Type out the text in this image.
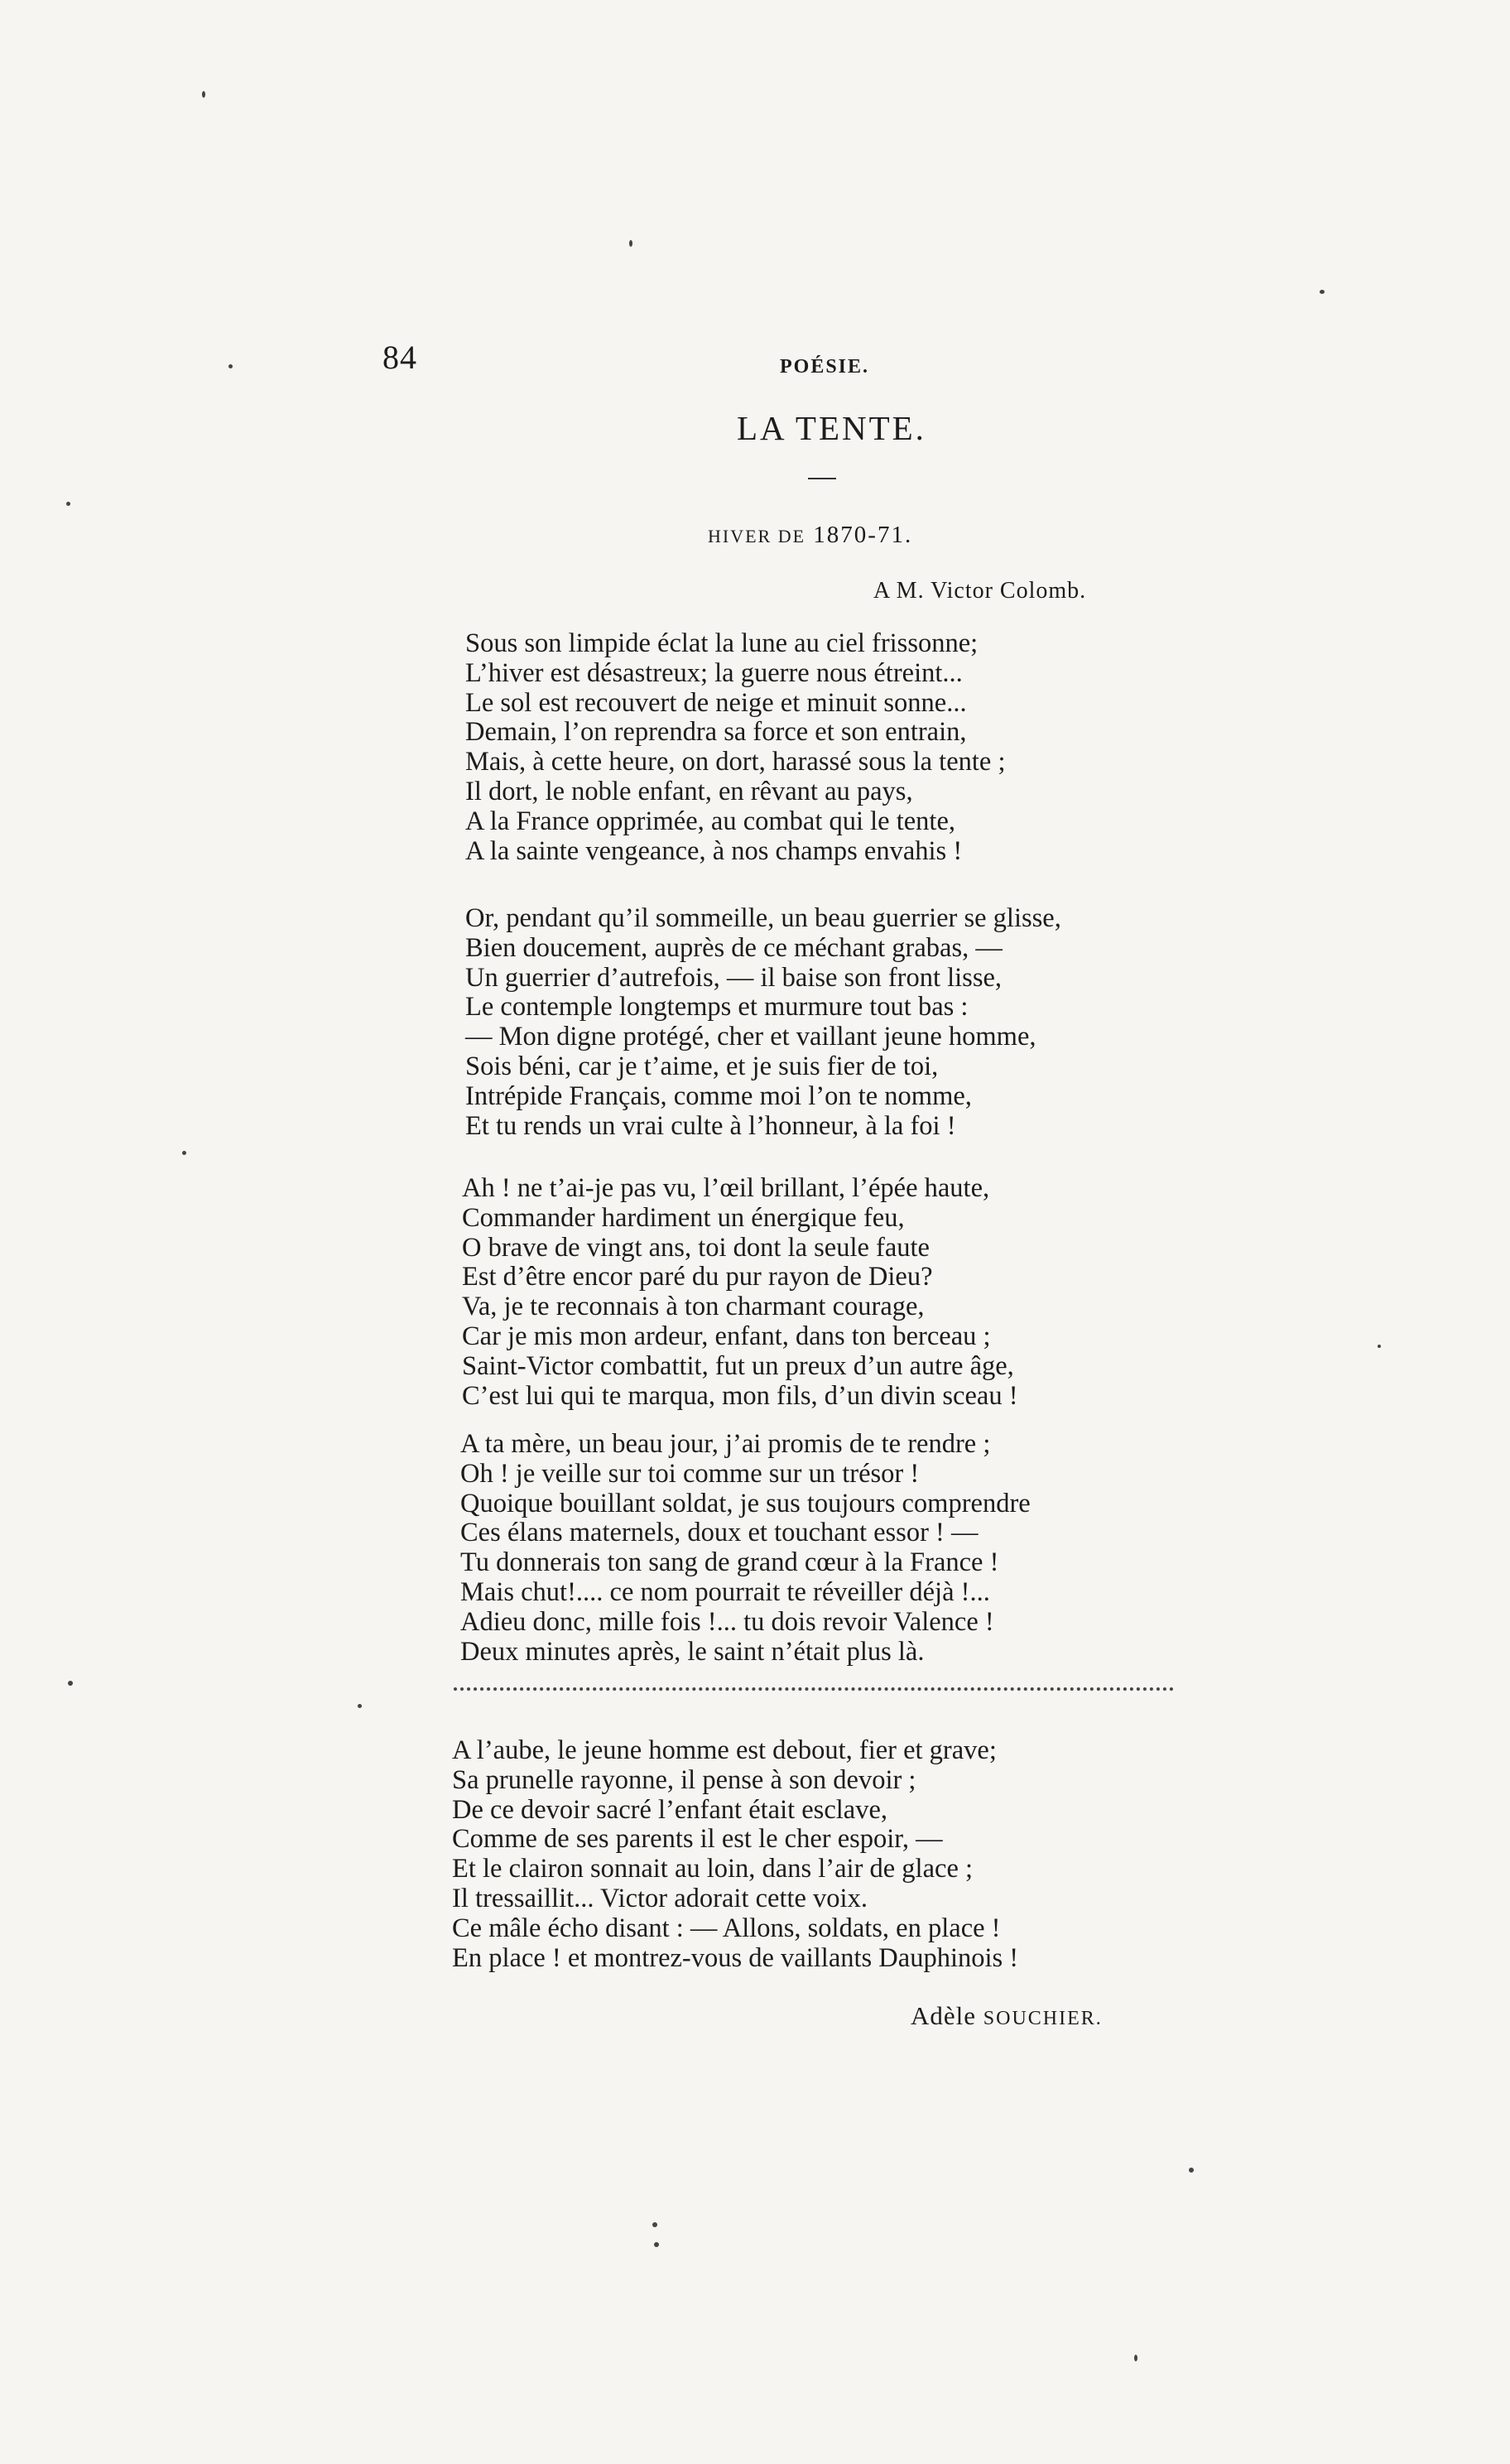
84	POÉSIE.
LA TENTE.
HIVER DE 1870-71.
A M. Victor Colomb.
Sous son limpide éclat la lune au ciel frissonne;
L’hiver est désastreux; la guerre nous étreint...
Le sol est recouvert de neige et minuit sonne...
Demain, l’on reprendra sa force et son entrain,
Mais, à cette heure, on dort, harassé sous la tente ;
Il dort, le noble enfant, en rêvant au pays,
A la France opprimée, au combat qui le tente,
A la sainte vengeance, à nos champs envahis !
Or, pendant qu’il sommeille, un beau guerrier se glisse,
Bien doucement, auprès de ce méchant grabas, —
Un guerrier d’autrefois, — il baise son front lisse,
Le contemple longtemps et murmure tout bas :
— Mon digne protégé, cher et vaillant jeune homme,
Sois béni, car je t’aime, et je suis fier de toi,
Intrépide Français, comme moi l’on te nomme,
Et tu rends un vrai culte à l’honneur, à la foi !
Ah ! ne t’ai-je pas vu, l’œil brillant, l’épée haute,
Commander hardiment un énergique feu,
O brave de vingt ans, toi dont la seule faute
Est d’être encor paré du pur rayon de Dieu?
Va, je te reconnais à ton charmant courage,
Car je mis mon ardeur, enfant, dans ton berceau ;
Saint-Victor combattit, fut un preux d’un autre âge,
C’est lui qui te marqua, mon fils, d’un divin sceau !
A ta mère, un beau jour, j’ai promis de te rendre ;
Oh ! je veille sur toi comme sur un trésor !
Quoique bouillant soldat, je sus toujours comprendre
Ces élans maternels, doux et touchant essor ! —
Tu donnerais ton sang de grand cœur à la France !
Mais chut!.... ce nom pourrait te réveiller déjà !...
Adieu donc, mille fois !... tu dois revoir Valence !
Deux minutes après, le saint n’était plus là.
A l’aube, le jeune homme est debout, fier et grave;
Sa prunelle rayonne, il pense à son devoir ;
De ce devoir sacré l’enfant était esclave,
Comme de ses parents il est le cher espoir, —
Et le clairon sonnait au loin, dans l’air de glace ;
Il tressaillit... Victor adorait cette voix.
Ce mâle écho disant : — Allons, soldats, en place !
En place ! et montrez-vous de vaillants Dauphinois !
Adèle SOUCHIER.
